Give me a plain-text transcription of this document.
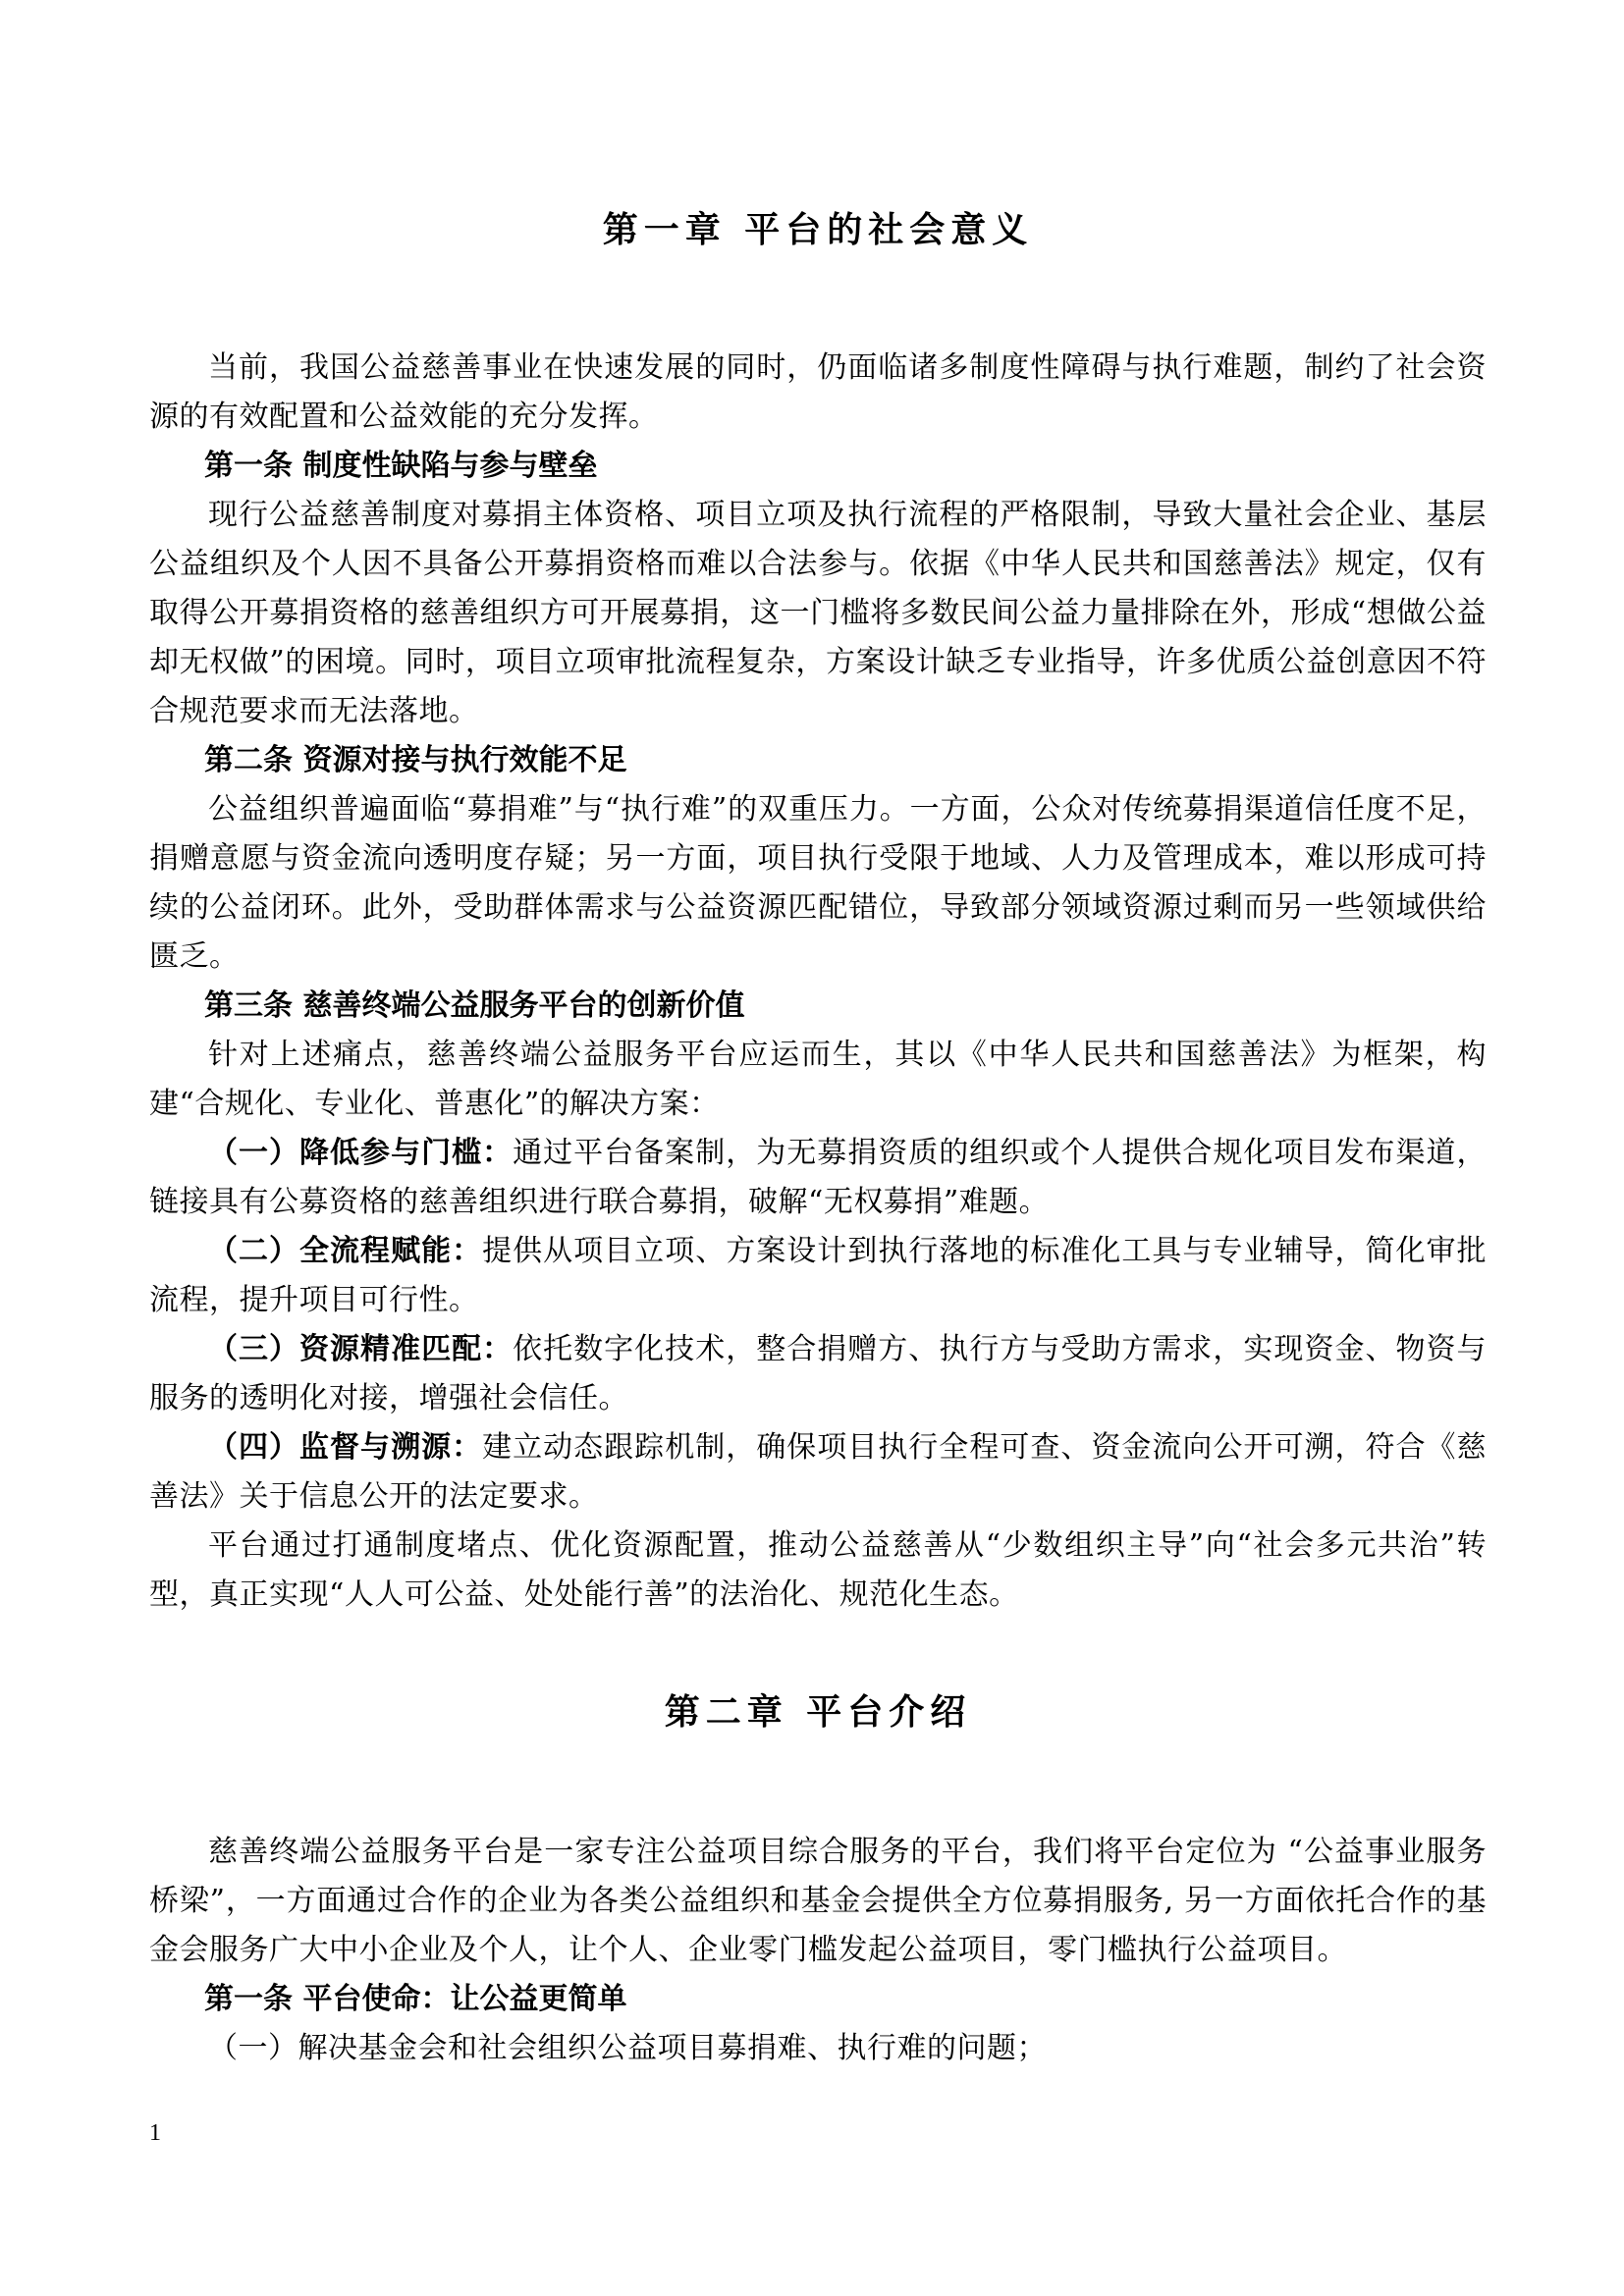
第一章 平台的社会意义

当前，我国公益慈善事业在快速发展的同时，仍面临诸多制度性障碍与执行难题，制约了社会资源的有效配置和公益效能的充分发挥。

第一条 制度性缺陷与参与壁垒

现行公益慈善制度对募捐主体资格、项目立项及执行流程的严格限制，导致大量社会企业、基层公益组织及个人因不具备公开募捐资格而难以合法参与。依据《中华人民共和国慈善法》规定，仅有取得公开募捐资格的慈善组织方可开展募捐，这一门槛将多数民间公益力量排除在外，形成“想做公益却无权做”的困境。同时，项目立项审批流程复杂，方案设计缺乏专业指导，许多优质公益创意因不符合规范要求而无法落地。

第二条 资源对接与执行效能不足

公益组织普遍面临“募捐难”与“执行难”的双重压力。一方面，公众对传统募捐渠道信任度不足，捐赠意愿与资金流向透明度存疑；另一方面，项目执行受限于地域、人力及管理成本，难以形成可持续的公益闭环。此外，受助群体需求与公益资源匹配错位，导致部分领域资源过剩而另一些领域供给匮乏。

第三条 慈善终端公益服务平台的创新价值

针对上述痛点，慈善终端公益服务平台应运而生，其以《中华人民共和国慈善法》为框架，构建“合规化、专业化、普惠化”的解决方案：

（一）降低参与门槛：通过平台备案制，为无募捐资质的组织或个人提供合规化项目发布渠道，链接具有公募资格的慈善组织进行联合募捐，破解“无权募捐”难题。

（二）全流程赋能：提供从项目立项、方案设计到执行落地的标准化工具与专业辅导，简化审批流程，提升项目可行性。

（三）资源精准匹配：依托数字化技术，整合捐赠方、执行方与受助方需求，实现资金、物资与服务的透明化对接，增强社会信任。

（四）监督与溯源：建立动态跟踪机制，确保项目执行全程可查、资金流向公开可溯，符合《慈善法》关于信息公开的法定要求。

平台通过打通制度堵点、优化资源配置，推动公益慈善从“少数组织主导”向“社会多元共治”转型，真正实现“人人可公益、处处能行善”的法治化、规范化生态。

第二章 平台介绍

慈善终端公益服务平台是一家专注公益项目综合服务的平台，我们将平台定位为 “公益事业服务桥梁”，一方面通过合作的企业为各类公益组织和基金会提供全方位募捐服务, 另一方面依托合作的基金会服务广大中小企业及个人，让个人、企业零门槛发起公益项目，零门槛执行公益项目。

第一条 平台使命：让公益更简单

（一）解决基金会和社会组织公益项目募捐难、执行难的问题；

1
